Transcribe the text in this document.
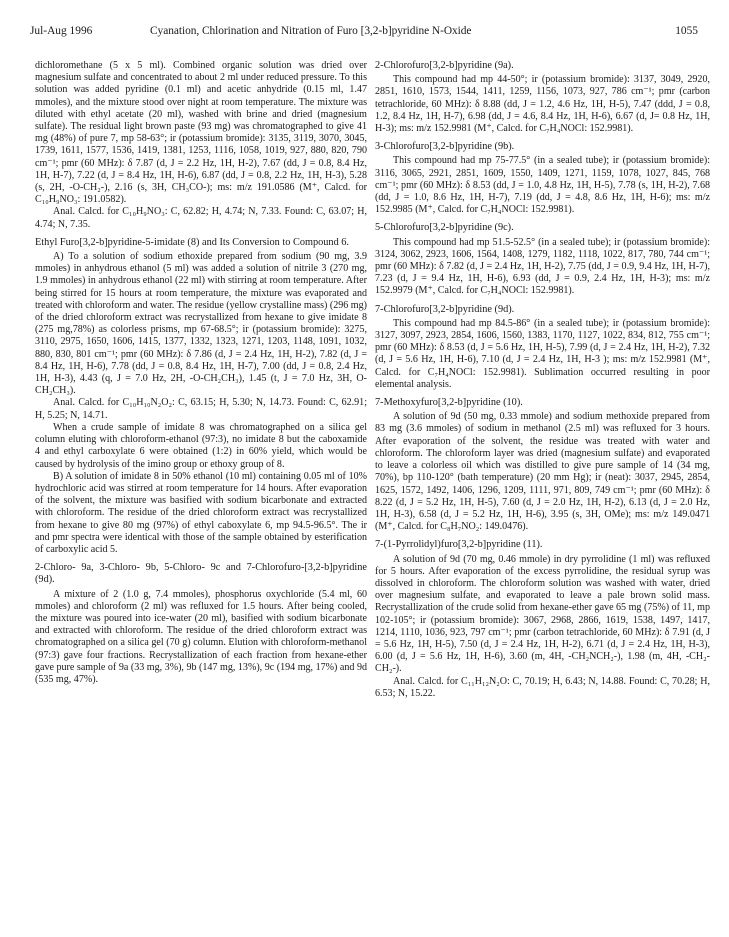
Jul-Aug 1996	Cyanation, Chlorination and Nitration of Furo [3,2-b]pyridine N-Oxide	1055

dichloromethane (5 x 5 ml). Combined organic solution was dried over magnesium sulfate and concentrated to about 2 ml under reduced pressure. To this solution was added pyridine (0.1 ml) and acetic anhydride (0.15 ml, 1.47 mmoles), and the mixture stood over night at room temperature. The mixture was diluted with ethyl acetate (20 ml), washed with brine and dried (magnesium sulfate). The residual light brown paste (93 mg) was chromatographed to give 41 mg (48%) of pure 7, mp 58-63°; ir (potassium bromide): 3135, 3119, 3070, 3045, 1739, 1611, 1577, 1536, 1419, 1381, 1253, 1116, 1058, 1019, 927, 880, 820, 790 cm⁻¹; pmr (60 MHz): δ 7.87 (d, J = 2.2 Hz, 1H, H-2), 7.67 (dd, J = 0.8, 8.4 Hz, 1H, H-7), 7.22 (d, J = 8.4 Hz, 1H, H-6), 6.87 (dd, J = 0.8, 2.2 Hz, 1H, H-3), 5.28 (s, 2H, -O-CH₂-), 2.16 (s, 3H, CH₃CO-); ms: m/z 191.0586 (M⁺, Calcd. for C₁₀H₉NO₃: 191.0582).

Anal. Calcd. for C₁₀H₉NO₃: C, 62.82; H, 4.74; N, 7.33. Found: C, 63.07; H, 4.74; N, 7.35.

Ethyl Furo[3,2-b]pyridine-5-imidate (8) and Its Conversion to Compound 6.

A) To a solution of sodium ethoxide prepared from sodium (90 mg, 3.9 mmoles) in anhydrous ethanol (5 ml) was added a solution of nitrile 3 (270 mg, 1.9 mmoles) in anhydrous ethanol (22 ml) with stirring at room temperature. After being stirred for 15 hours at room temperature, the mixture was evaporated and treated with chloroform and water. The residue (yellow crystalline mass) (296 mg) of the dried chloroform extract was recrystallized from hexane to give imidate 8 (275 mg,78%) as colorless prisms, mp 67-68.5°; ir (potassium bromide): 3275, 3110, 2975, 1650, 1606, 1415, 1377, 1332, 1323, 1271, 1203, 1148, 1091, 1032, 880, 830, 801 cm⁻¹; pmr (60 MHz): δ 7.86 (d, J = 2.4 Hz, 1H, H-2), 7.82 (d, J = 8.4 Hz, 1H, H-6), 7.78 (dd, J = 0.8, 8.4 Hz, 1H, H-7), 7.00 (dd, J = 0.8, 2.4 Hz, 1H, H-3), 4.43 (q, J = 7.0 Hz, 2H, -O-CH₂CH₃), 1.45 (t, J = 7.0 Hz, 3H, O-CH₂CH₃).

Anal. Calcd. for C₁₀H₁₀N₂O₂: C, 63.15; H, 5.30; N, 14.73. Found: C, 62.91; H, 5.25; N, 14.71.

When a crude sample of imidate 8 was chromatographed on a silica gel column eluting with chloroform-ethanol (97:3), no imidate 8 but the caboxamide 4 and ethyl carboxylate 6 were obtained (1:2) in 60% yield, which would be caused by hydrolysis of the imino group or ethoxy group of 8.

B) A solution of imidate 8 in 50% ethanol (10 ml) containing 0.05 ml of 10% hydrochloric acid was stirred at room temperature for 14 hours. After evaporation of the solvent, the mixture was basified with sodium bicarbonate and extracted with chloroform. The residue of the dried chloroform extract was recrystallized from hexane to give 80 mg (97%) of ethyl caboxylate 6, mp 94.5-96.5°. The ir and pmr spectra were identical with those of the sample obtained by esterification of carboxylic acid 5.

2-Chloro- 9a, 3-Chloro- 9b, 5-Chloro- 9c and 7-Chlorofuro-[3,2-b]pyridine (9d).

A mixture of 2 (1.0 g, 7.4 mmoles), phosphorus oxychloride (5.4 ml, 60 mmoles) and chloroform (2 ml) was refluxed for 1.5 hours. After being cooled, the mixture was poured into ice-water (20 ml), basified with sodium bicarbonate and extracted with chloroform. The residue of the dried chloroform extract was chromatographed on a silica gel (70 g) column. Elution with chloroform-methanol (97:3) gave four fractions. Recrystallization of each fraction from hexane-ether gave pure sample of 9a (33 mg, 3%), 9b (147 mg, 13%), 9c (194 mg, 17%) and 9d (535 mg, 47%).

2-Chlorofuro[3,2-b]pyridine (9a).

This compound had mp 44-50°; ir (potassium bromide): 3137, 3049, 2920, 2851, 1610, 1573, 1544, 1411, 1259, 1156, 1073, 927, 786 cm⁻¹; pmr (carbon tetrachloride, 60 MHz): δ 8.88 (dd, J = 1.2, 4.6 Hz, 1H, H-5), 7.47 (ddd, J = 0.8, 1.2, 8.4 Hz, 1H, H-7), 6.98 (dd, J = 4.6, 8.4 Hz, 1H, H-6), 6.67 (d, J= 0.8 Hz, 1H, H-3); ms: m/z 152.9981 (M⁺, Calcd. for C₇H₄NOCl: 152.9981).

3-Chlorofuro[3,2-b]pyridine (9b).

This compound had mp 75-77.5° (in a sealed tube); ir (potassium bromide): 3116, 3065, 2921, 2851, 1609, 1550, 1409, 1271, 1159, 1078, 1027, 845, 768 cm⁻¹; pmr (60 MHz): δ 8.53 (dd, J = 1.0, 4.8 Hz, 1H, H-5), 7.78 (s, 1H, H-2), 7.68 (dd, J = 1.0, 8.6 Hz, 1H, H-7), 7.19 (dd, J = 4.8, 8.6 Hz, 1H, H-6); ms: m/z 152.9985 (M⁺, Calcd. for C₇H₄NOCl: 152.9981).

5-Chlorofuro[3,2-b]pyridine (9c).

This compound had mp 51.5-52.5° (in a sealed tube); ir (potassium bromide): 3124, 3062, 2923, 1606, 1564, 1408, 1279, 1182, 1118, 1022, 817, 780, 744 cm⁻¹; pmr (60 MHz): δ 7.82 (d, J = 2.4 Hz, 1H, H-2), 7.75 (dd, J = 0.9, 9.4 Hz, 1H, H-7), 7.23 (d, J = 9.4 Hz, 1H, H-6), 6.93 (dd, J = 0.9, 2.4 Hz, 1H, H-3); ms: m/z 152.9979 (M⁺, Calcd. for C₇H₄NOCl: 152.9981).

7-Chlorofuro[3,2-b]pyridine (9d).

This compound had mp 84.5-86° (in a sealed tube); ir (potassium bromide): 3127, 3097, 2923, 2854, 1606, 1560, 1383, 1170, 1127, 1022, 834, 812, 755 cm⁻¹; pmr (60 MHz): δ 8.53 (d, J = 5.6 Hz, 1H, H-5), 7.99 (d, J = 2.4 Hz, 1H, H-2), 7.32 (d, J = 5.6 Hz, 1H, H-6), 7.10 (d, J = 2.4 Hz, 1H, H-3 ); ms: m/z 152.9981 (M⁺, Calcd. for C₇H₄NOCl: 152.9981). Sublimation occurred resulting in poor elemental analysis.

7-Methoxyfuro[3,2-b]pyridine (10).

A solution of 9d (50 mg, 0.33 mmole) and sodium methoxide prepared from 83 mg (3.6 mmoles) of sodium in methanol (2.5 ml) was refluxed for 3 hours. After evaporation of the solvent, the residue was treated with water and chloroform. The chloroform layer was dried (magnesium sulfate) and evaporated to leave a colorless oil which was distilled to give pure sample of 14 (34 mg, 70%), bp 110-120° (bath temperature) (20 mm Hg); ir (neat): 3037, 2945, 2854, 1625, 1572, 1492, 1406, 1296, 1209, 1111, 971, 809, 749 cm⁻¹; pmr (60 MHz): δ 8.22 (d, J = 5.2 Hz, 1H, H-5), 7.60 (d, J = 2.0 Hz, 1H, H-2), 6.13 (d, J = 2.0 Hz, 1H, H-3), 6.58 (d, J = 5.2 Hz, 1H, H-6), 3.95 (s, 3H, OMe); ms: m/z 149.0471 (M⁺, Calcd. for C₈H₇NO₂: 149.0476).

7-(1-Pyrrolidyl)furo[3,2-b]pyridine (11).

A solution of 9d (70 mg, 0.46 mmole) in dry pyrrolidine (1 ml) was refluxed for 5 hours. After evaporation of the excess pyrrolidine, the residual syrup was dissolved in chloroform. The chloroform solution was washed with water, dried over magnesium sulfate, and evaporated to leave a pale brown solid mass. Recrystallization of the crude solid from hexane-ether gave 65 mg (75%) of 11, mp 102-105°; ir (potassium bromide): 3067, 2968, 2866, 1619, 1538, 1497, 1417, 1214, 1110, 1036, 923, 797 cm⁻¹; pmr (carbon tetrachloride, 60 MHz): δ 7.91 (d, J = 5.6 Hz, 1H, H-5), 7.50 (d, J = 2.4 Hz, 1H, H-2), 6.71 (d, J = 2.4 Hz, 1H, H-3), 6.00 (d, J = 5.6 Hz, 1H, H-6), 3.60 (m, 4H, -CH₂NCH₂-), 1.98 (m, 4H, -CH₂-CH₂-).

Anal. Calcd. for C₁₁H₁₂N₂O: C, 70.19; H, 6.43; N, 14.88. Found: C, 70.28; H, 6.53; N, 15.22.
